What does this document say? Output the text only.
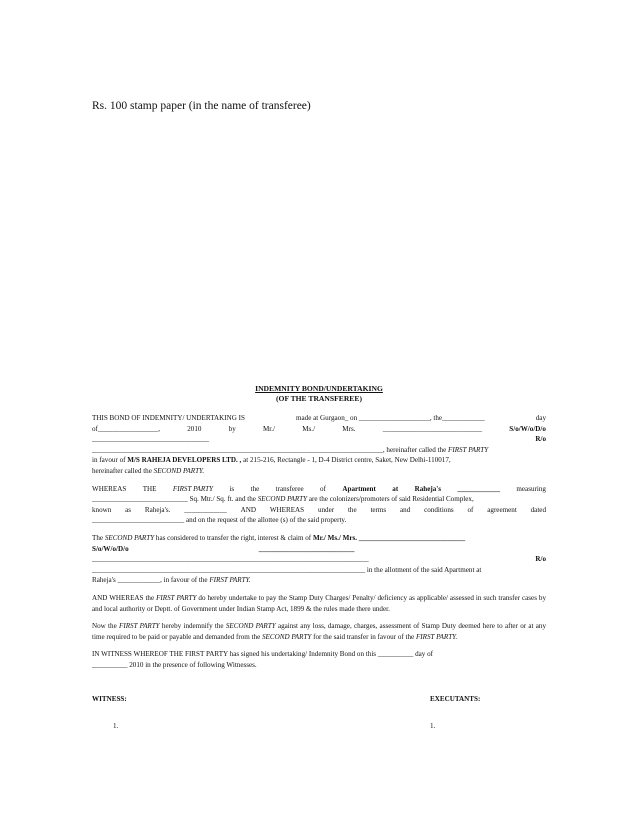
Rs. 100 stamp paper (in the name of transferee)
INDEMNITY BOND/UNDERTAKING
(OF THE TRANSFEREE)

THIS BOND OF INDEMNITY/ UNDERTAKING IS	made at Gurgaon_ on ____________________, the____________	day
of_________________,	2010	by	Mr./	Ms./	Mrs.	____________________________	S/o/W/o/D/o
_________________________________	R/o
__________________________________________________________________________________, hereinafter called the FIRST PARTY
in favour of M/S RAHEJA DEVELOPERS LTD. , at 215-216, Rectangle - 1, D-4 District centre, Saket, New Delhi-110017,
hereinafter called the SECOND PARTY.

WHEREAS THE FIRST PARTY is the transferee of Apartment at Raheja's ____________ measuring
___________________________ Sq. Mtr./ Sq. ft. and the SECOND PARTY are the colonizers/promoters of said Residential Complex,
known as Raheja's. ____________ AND WHEREAS under the terms and conditions of agreement dated
__________________________ and on the request of the allottee (s) of the said property.

The SECOND PARTY has considered to transfer the right, interest & claim of Mr./ Ms./ Mrs. ______________________________
S/o/W/o/D/o	___________________________
______________________________________________________________________________	R/o
_____________________________________________________________________________ in the allotment of the said Apartment at
Raheja's ____________, in favour of the FIRST PARTY.

AND WHEREAS the FIRST PARTY do hereby undertake to pay the Stamp Duty Charges/ Penalty/ deficiency as applicable/ assessed in such transfer cases by and local authority or Deptt. of Government under Indian Stamp Act, 1899 & the rules made there under.

Now the FIRST PARTY hereby indemnify the SECOND PARTY against any loss, damage, charges, assessment of Stamp Duty deemed here to after or at any time required to be paid or payable and demanded from the SECOND PARTY for the said transfer in favour of the FIRST PARTY.

IN WITNESS WHEREOF THE FIRST PARTY has signed his undertaking/ Indemnity Bond on this __________ day of
__________ 2010 in the presence of following Witnesses.

WITNESS:	EXECUTANTS:
1.	1.
